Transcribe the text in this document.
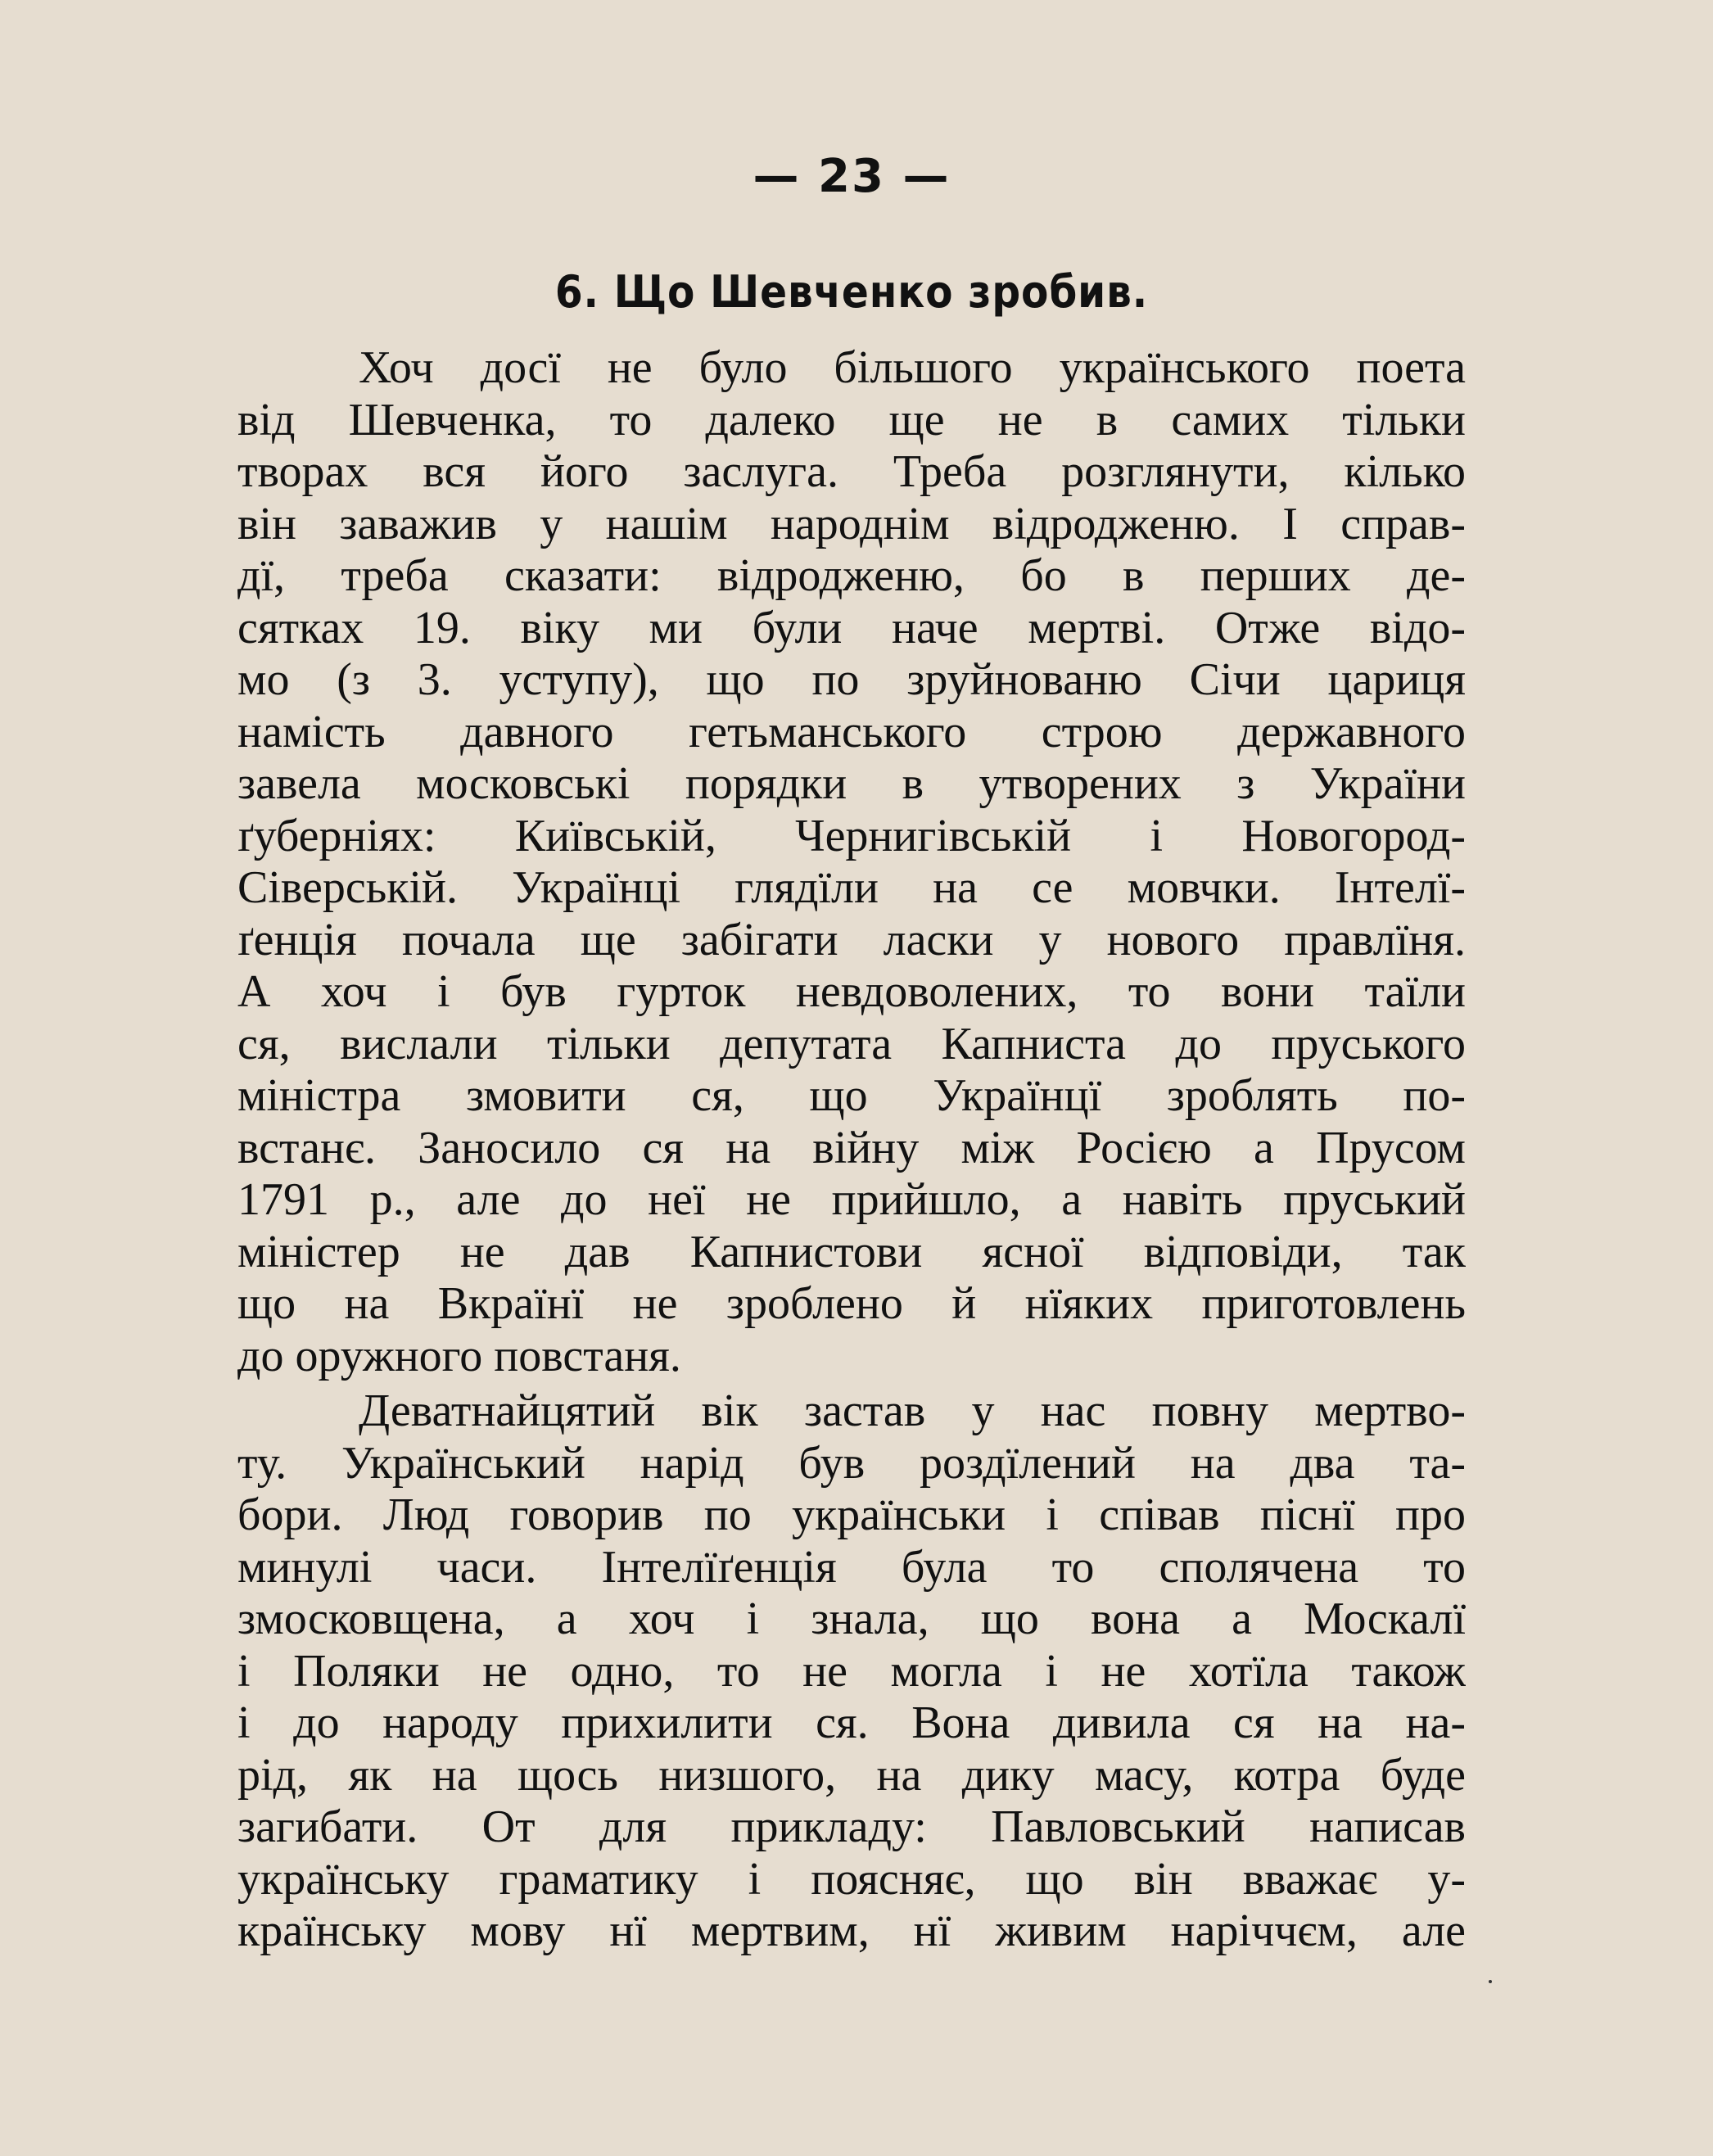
— 23 —
6. Що Шевченко зробив.
Хоч досї не було більшого українського поета
від Шевченка, то далеко ще не в самих тільки
творах вся його заслуга. Треба розглянути, кілько
він заважив у нашім народнім відродженю. І справ-
дї, треба сказати: відродженю, бо в перших де-
сятках 19. віку ми були наче мертві. Отже відо-
мо (з 3. уступу), що по зруйнованю Січи цариця
намість давного гетьманського строю державного
завела московські порядки в утворених з України
ґуберніях: Київській, Чернигівській і Новогород-
Сіверській. Українці глядїли на се мовчки. Інтелї-
ґенція почала ще забігати ласки у нового правлїня.
А хоч і був гурток невдоволених, то вони таїли
ся, вислали тільки депутата Капниста до пруського
міністра змовити ся, що Українцї зроблять по-
встанє. Заносило ся на війну між Росією а Прусом
1791 р., але до неї не прийшло, а навіть пруський
міністер не дав Капнистови ясної відповіди, так
що на Вкраїнї не зроблено й нїяких приготовлень
до оружного повстаня.
Деватнайцятий вік застав у нас повну мертво-
ту. Український нарід був роздїлений на два та-
бори. Люд говорив по українськи і співав піснї про
минулі часи. Інтелїґенція була то сполячена то
змосковщена, а хоч і знала, що вона а Москалї
і Поляки не одно, то не могла і не хотїла також
і до народу прихилити ся. Вона дивила ся на на-
рід, як на щось низшого, на дику масу, котра буде
загибати. От для прикладу: Павловський написав
українську граматику і поясняє, що він вважає у-
країнську мову нї мертвим, нї живим наріччєм, але
